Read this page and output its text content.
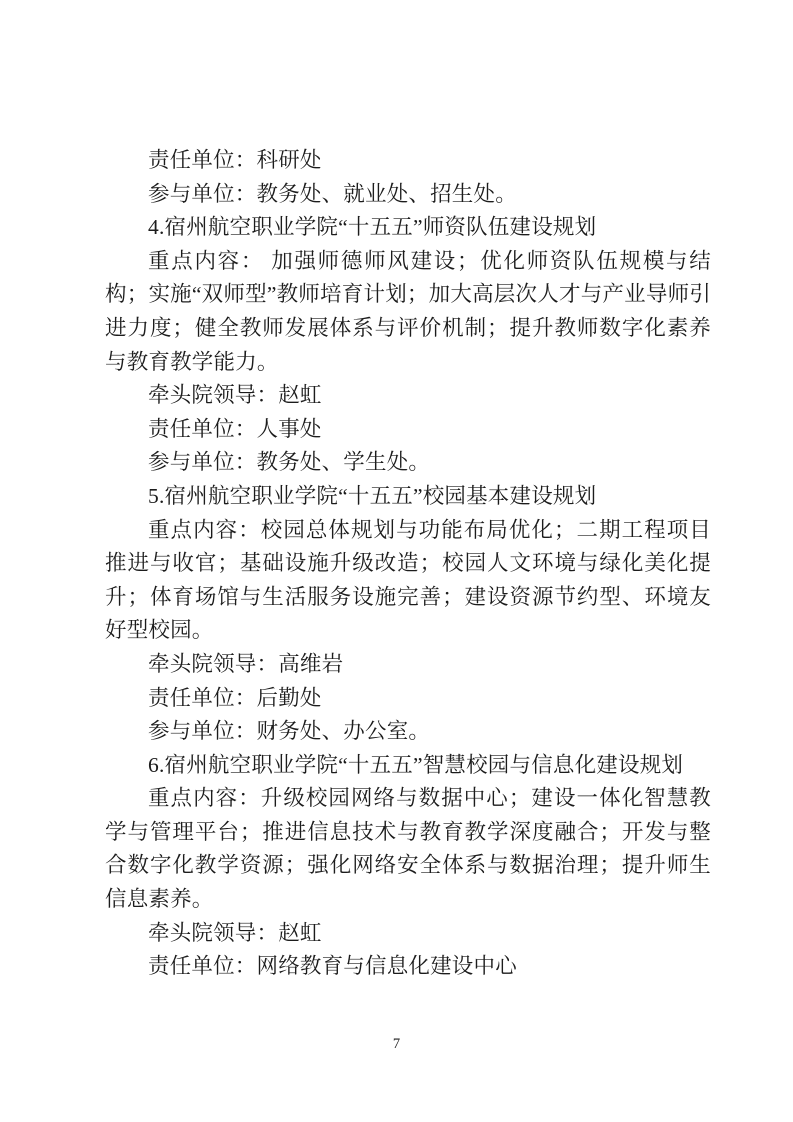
责任单位：科研处

参与单位：教务处、就业处、招生处。

4.宿州航空职业学院“十五五”师资队伍建设规划

重点内容： 加强师德师风建设；优化师资队伍规模与结构；实施“双师型”教师培育计划；加大高层次人才与产业导师引进力度；健全教师发展体系与评价机制；提升教师数字化素养与教育教学能力。

牵头院领导：赵虹

责任单位：人事处

参与单位：教务处、学生处。

5.宿州航空职业学院“十五五”校园基本建设规划

重点内容：校园总体规划与功能布局优化；二期工程项目推进与收官；基础设施升级改造；校园人文环境与绿化美化提升；体育场馆与生活服务设施完善；建设资源节约型、环境友好型校园。

牵头院领导：高维岩

责任单位：后勤处

参与单位：财务处、办公室。

6.宿州航空职业学院“十五五”智慧校园与信息化建设规划

重点内容：升级校园网络与数据中心；建设一体化智慧教学与管理平台；推进信息技术与教育教学深度融合；开发与整合数字化教学资源；强化网络安全体系与数据治理；提升师生信息素养。

牵头院领导：赵虹

责任单位：网络教育与信息化建设中心

7
